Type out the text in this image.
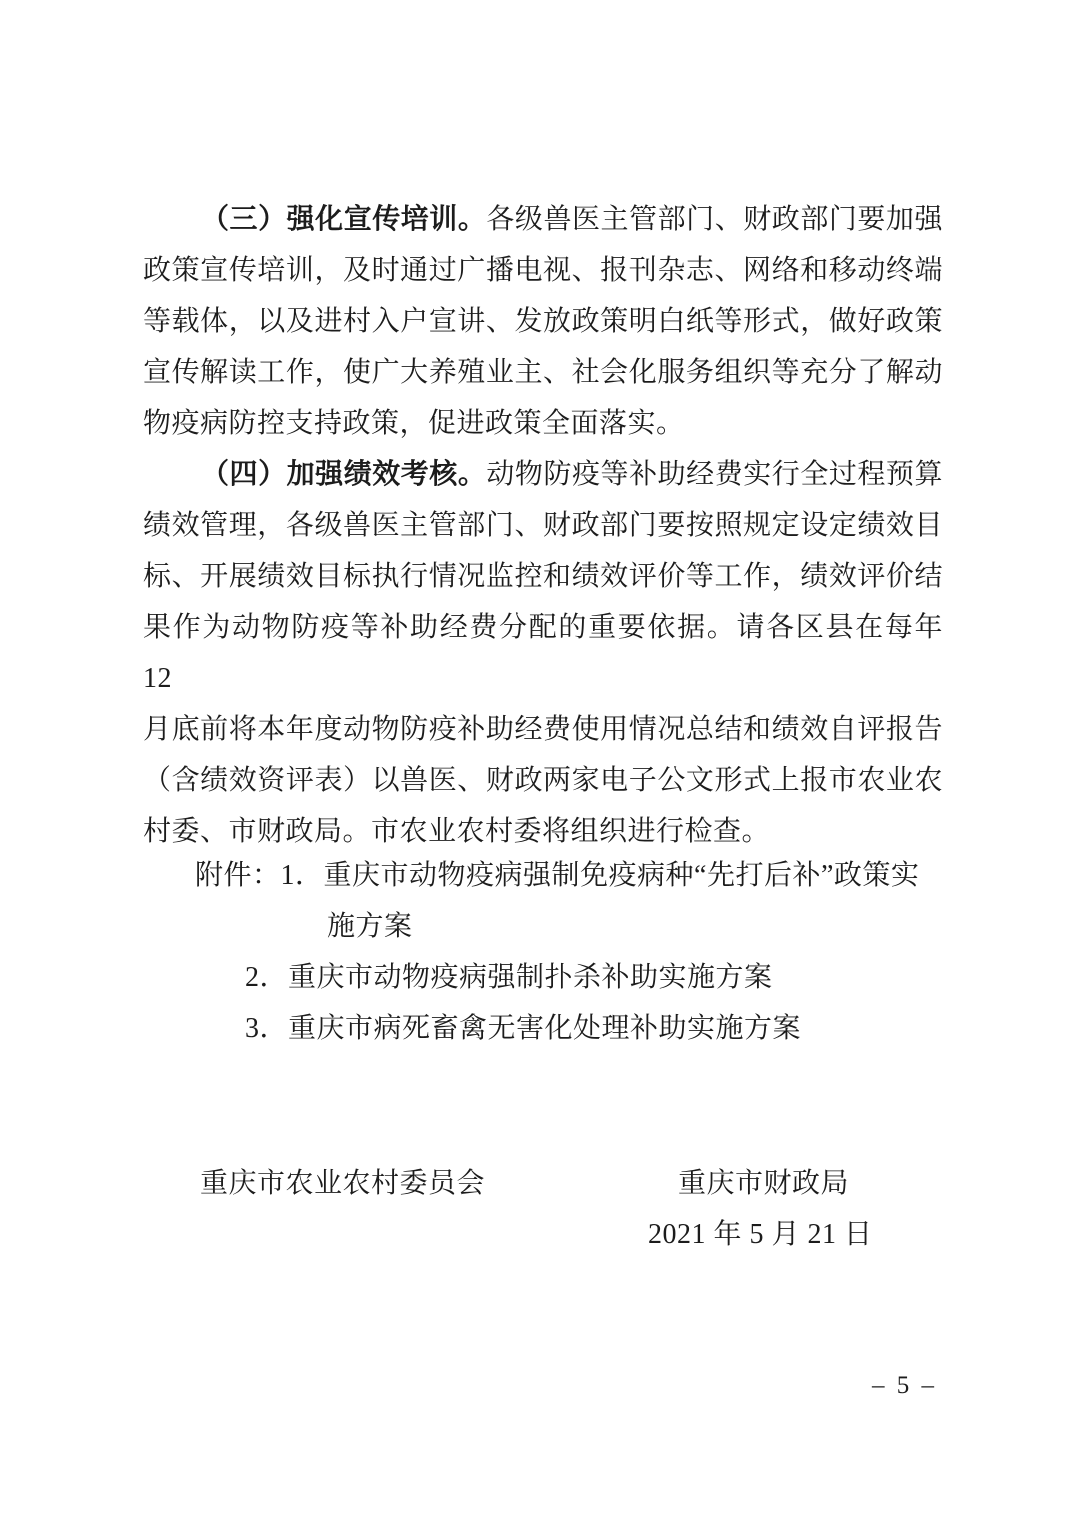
（三）强化宣传培训。各级兽医主管部门、财政部门要加强
政策宣传培训，及时通过广播电视、报刊杂志、网络和移动终端
等载体，以及进村入户宣讲、发放政策明白纸等形式，做好政策
宣传解读工作，使广大养殖业主、社会化服务组织等充分了解动
物疫病防控支持政策，促进政策全面落实。
（四）加强绩效考核。动物防疫等补助经费实行全过程预算
绩效管理，各级兽医主管部门、财政部门要按照规定设定绩效目
标、开展绩效目标执行情况监控和绩效评价等工作，绩效评价结
果作为动物防疫等补助经费分配的重要依据。请各区县在每年 12
月底前将本年度动物防疫补助经费使用情况总结和绩效自评报告
（含绩效资评表）以兽医、财政两家电子公文形式上报市农业农
村委、市财政局。市农业农村委将组织进行检查。
附件：1．重庆市动物疫病强制免疫病种“先打后补”政策实
施方案
2．重庆市动物疫病强制扑杀补助实施方案
3．重庆市病死畜禽无害化处理补助实施方案
重庆市农业农村委员会	重庆市财政局
2021 年 5 月 21 日
– 5 –
